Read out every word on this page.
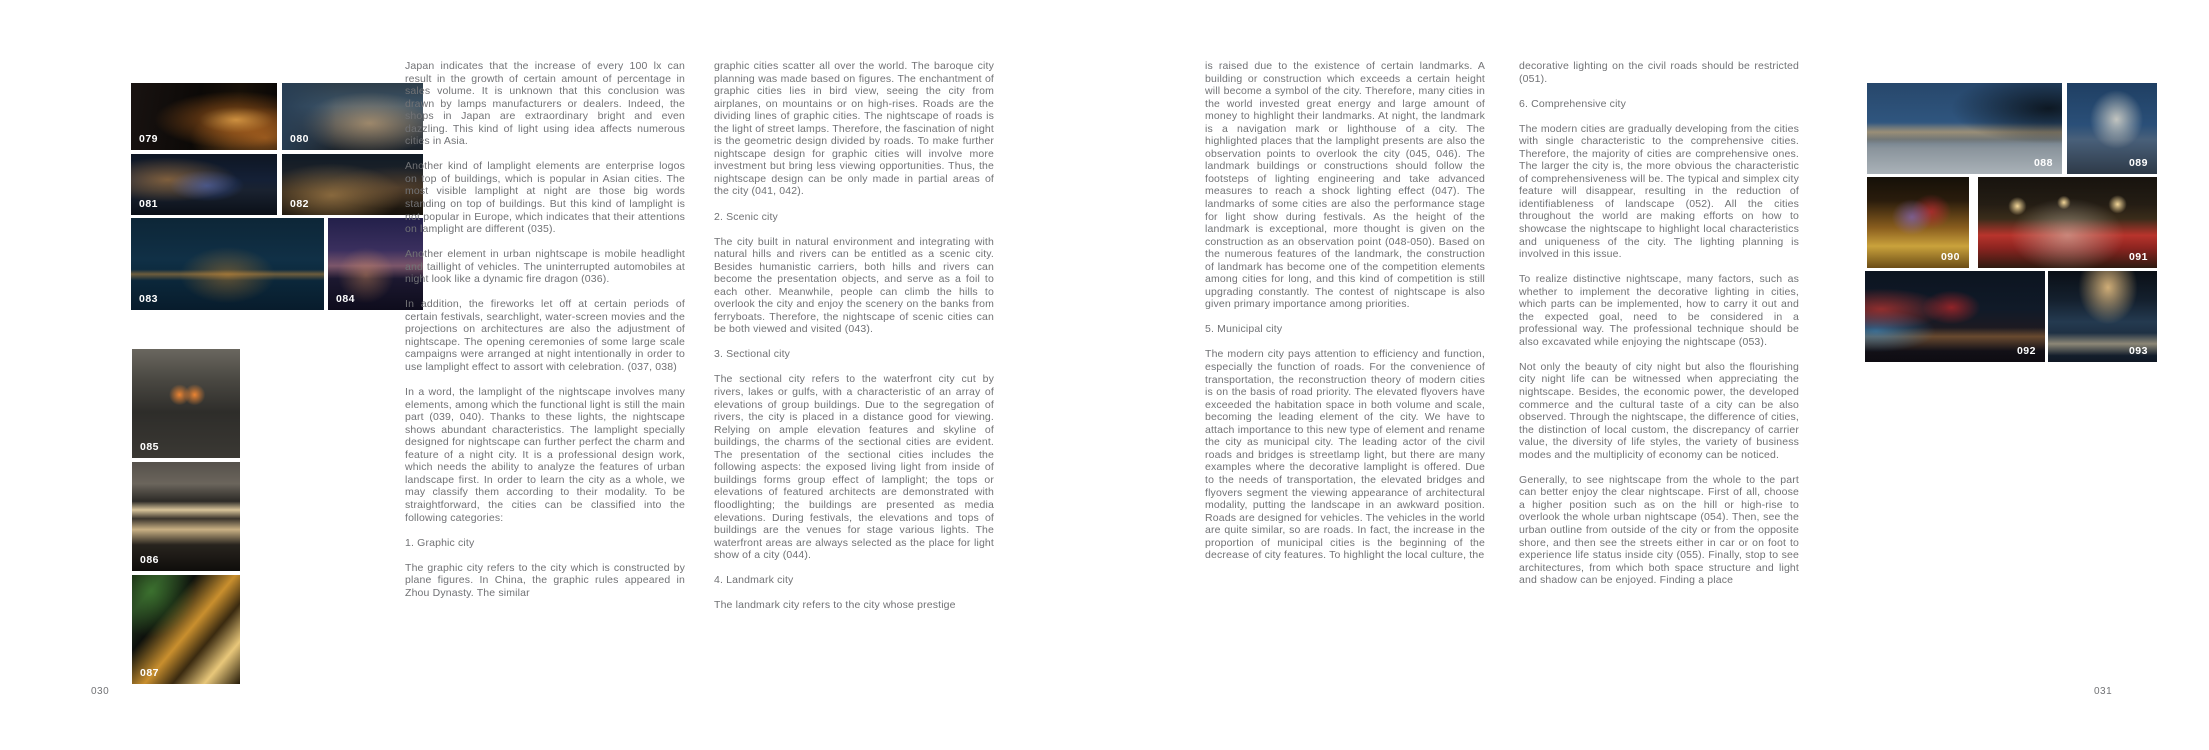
079	080
081	082
083	084
085
086
087

Japan indicates that the increase of every 100 lx can result in the growth of certain amount of percentage in sales volume. It is unknown that this conclusion was drawn by lamps manufacturers or dealers. Indeed, the shops in Japan are extraordinary bright and even dazzling. This kind of light using idea affects numerous cities in Asia.

Another kind of lamplight elements are enterprise logos on top of buildings, which is popular in Asian cities. The most visible lamplight at night are those big words standing on top of buildings. But this kind of lamplight is not popular in Europe, which indicates that their attentions on lamplight are different (035).

Another element in urban nightscape is mobile headlight and taillight of vehicles. The uninterrupted automobiles at night look like a dynamic fire dragon (036).

In addition, the fireworks let off at certain periods of certain festivals, searchlight, water-screen movies and the projections on architectures are also the adjustment of nightscape. The opening ceremonies of some large scale campaigns were arranged at night intentionally in order to use lamplight effect to assort with celebration. (037, 038)

In a word, the lamplight of the nightscape involves many elements, among which the functional light is still the main part (039, 040). Thanks to these lights, the nightscape shows abundant characteristics. The lamplight specially designed for nightscape can further perfect the charm and feature of a night city. It is a professional design work, which needs the ability to analyze the features of urban landscape first. In order to learn the city as a whole, we may classify them according to their modality. To be straightforward, the cities can be classified into the following categories:

1. Graphic city

The graphic city refers to the city which is constructed by plane figures. In China, the graphic rules appeared in Zhou Dynasty. The similar

graphic cities scatter all over the world. The baroque city planning was made based on figures. The enchantment of graphic cities lies in bird view, seeing the city from airplanes, on mountains or on high-rises. Roads are the dividing lines of graphic cities. The nightscape of roads is the light of street lamps. Therefore, the fascination of night is the geometric design divided by roads. To make further nightscape design for graphic cities will involve more investment but bring less viewing opportunities. Thus, the nightscape design can be only made in partial areas of the city (041, 042).

2. Scenic city

The city built in natural environment and integrating with natural hills and rivers can be entitled as a scenic city. Besides humanistic carriers, both hills and rivers can become the presentation objects, and serve as a foil to each other. Meanwhile, people can climb the hills to overlook the city and enjoy the scenery on the banks from ferryboats. Therefore, the nightscape of scenic cities can be both viewed and visited (043).

3. Sectional city

The sectional city refers to the waterfront city cut by rivers, lakes or gulfs, with a characteristic of an array of elevations of group buildings. Due to the segregation of rivers, the city is placed in a distance good for viewing. Relying on ample elevation features and skyline of buildings, the charms of the sectional cities are evident. The presentation of the sectional cities includes the following aspects: the exposed living light from inside of buildings forms group effect of lamplight; the tops or elevations of featured architects are demonstrated with floodlighting; the buildings are presented as media elevations. During festivals, the elevations and tops of buildings are the venues for stage various lights. The waterfront areas are always selected as the place for light show of a city (044).

4. Landmark city

The landmark city refers to the city whose prestige

is raised due to the existence of certain landmarks. A building or construction which exceeds a certain height will become a symbol of the city. Therefore, many cities in the world invested great energy and large amount of money to highlight their landmarks. At night, the landmark is a navigation mark or lighthouse of a city. The highlighted places that the lamplight presents are also the observation points to overlook the city (045, 046). The landmark buildings or constructions should follow the footsteps of lighting engineering and take advanced measures to reach a shock lighting effect (047). The landmarks of some cities are also the performance stage for light show during festivals. As the height of the landmark is exceptional, more thought is given on the construction as an observation point (048-050). Based on the numerous features of the landmark, the construction of landmark has become one of the competition elements among cities for long, and this kind of competition is still upgrading constantly. The contest of nightscape is also given primary importance among priorities.

5. Municipal city

The modern city pays attention to efficiency and function, especially the function of roads. For the convenience of transportation, the reconstruction theory of modern cities is on the basis of road priority. The elevated flyovers have exceeded the habitation space in both volume and scale, becoming the leading element of the city. We have to attach importance to this new type of element and rename the city as municipal city. The leading actor of the civil roads and bridges is streetlamp light, but there are many examples where the decorative lamplight is offered. Due to the needs of transportation, the elevated bridges and flyovers segment the viewing appearance of architectural modality, putting the landscape in an awkward position. Roads are designed for vehicles. The vehicles in the world are quite similar, so are roads. In fact, the increase in the proportion of municipal cities is the beginning of the decrease of city features. To highlight the local culture, the

decorative lighting on the civil roads should be restricted (051).

6. Comprehensive city

The modern cities are gradually developing from the cities with single characteristic to the comprehensive cities. Therefore, the majority of cities are comprehensive ones. The larger the city is, the more obvious the characteristic of comprehensiveness will be. The typical and simplex city feature will disappear, resulting in the reduction of identifiableness of landscape (052). All the cities throughout the world are making efforts on how to showcase the nightscape to highlight local characteristics and uniqueness of the city. The lighting planning is involved in this issue.

To realize distinctive nightscape, many factors, such as whether to implement the decorative lighting in cities, which parts can be implemented, how to carry it out and the expected goal, need to be considered in a professional way. The professional technique should be also excavated while enjoying the nightscape (053).

Not only the beauty of city night but also the flourishing city night life can be witnessed when appreciating the nightscape. Besides, the economic power, the developed commerce and the cultural taste of a city can be also observed. Through the nightscape, the difference of cities, the distinction of local custom, the discrepancy of carrier value, the diversity of life styles, the variety of business modes and the multiplicity of economy can be noticed.

Generally, to see nightscape from the whole to the part can better enjoy the clear nightscape. First of all, choose a higher position such as on the hill or high-rise to overlook the whole urban nightscape (054). Then, see the urban outline from outside of the city or from the opposite shore, and then see the streets either in car or on foot to experience life status inside city (055). Finally, stop to see architectures, from which both space structure and light and shadow can be enjoyed. Finding a place

088	089
090	091
092	093
030	031
